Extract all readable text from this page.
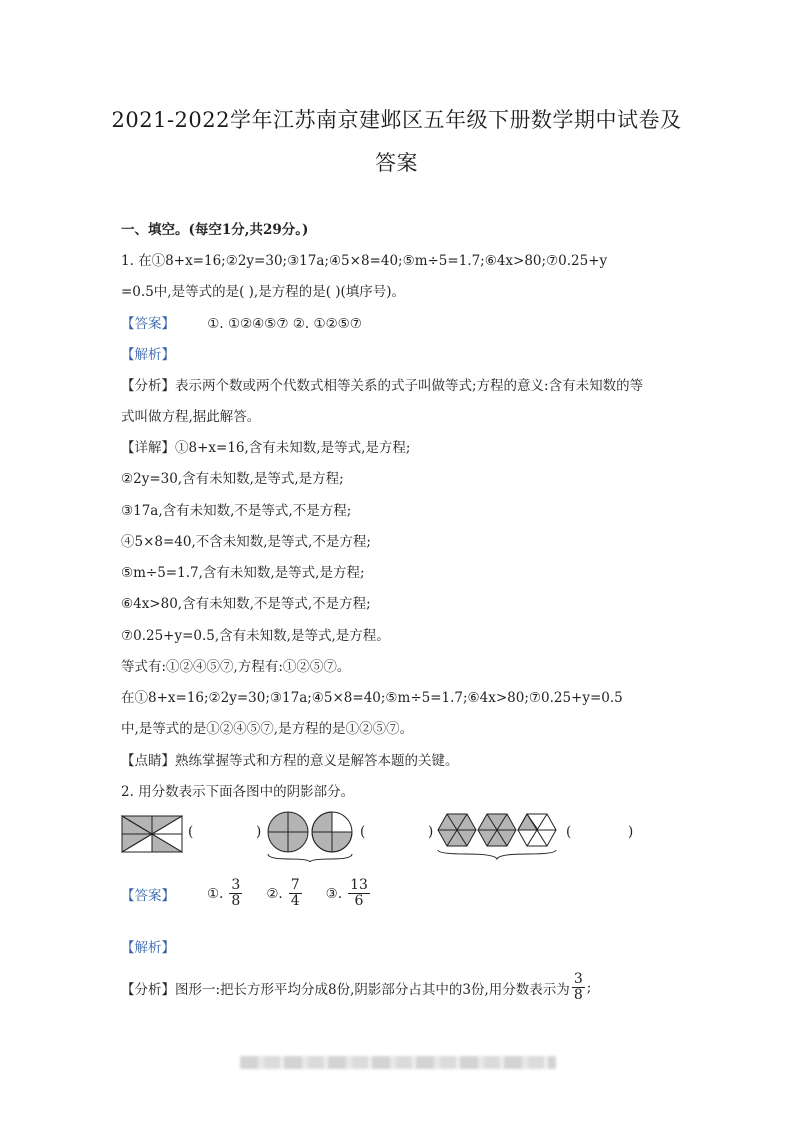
2021-2022学年江苏南京建邺区五年级下册数学期中试卷及
答案
一、填空。(每空1分,共29分。)
1. 在①8+x=16;②2y=30;③17a;④5×8=40;⑤m÷5=1.7;⑥4x>80;⑦0.25+y
=0.5中,是等式的是( ),是方程的是( )(填序号)。
【答案】 ①. ①②④⑤⑦ ②. ①②⑤⑦
【解析】
【分析】表示两个数或两个代数式相等关系的式子叫做等式;方程的意义:含有未知数的等
式叫做方程,据此解答。
【详解】①8+x=16,含有未知数,是等式,是方程;
②2y=30,含有未知数,是等式,是方程;
③17a,含有未知数,不是等式,不是方程;
④5×8=40,不含未知数,是等式,不是方程;
⑤m÷5=1.7,含有未知数,是等式,是方程;
⑥4x>80,含有未知数,不是等式,不是方程;
⑦0.25+y=0.5,含有未知数,是等式,是方程。
等式有:①②④⑤⑦,方程有:①②⑤⑦。
在①8+x=16;②2y=30;③17a;④5×8=40;⑤m÷5=1.7;⑥4x>80;⑦0.25+y=0.5
中,是等式的是①②④⑤⑦,是方程的是①②⑤⑦。
【点睛】熟练掌握等式和方程的意义是解答本题的关键。
2. 用分数表示下面各图中的阴影部分。
(	)	(	)	(	)
【答案】 ①.
3
8 ②.
7
4 ③.
13
6
【解析】
【分析】图形一:把长方形平均分成8份,阴影部分占其中的3份,用分数表示为
3
8 ;
